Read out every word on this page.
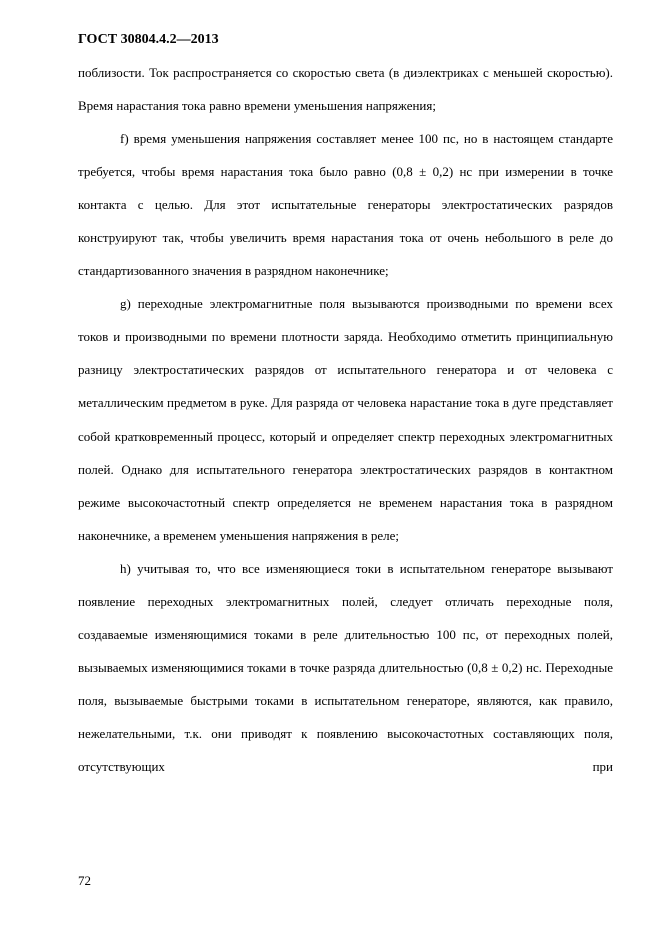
ГОСТ 30804.4.2—2013

поблизости. Ток распространяется со скоростью света (в диэлектриках с меньшей скоростью). Время нарастания тока равно времени уменьшения напряжения;

f) время уменьшения напряжения составляет менее 100 пс, но в настоящем стандарте требуется, чтобы время нарастания тока было равно (0,8 ± 0,2) нс при измерении в точке контакта с целью. Для этот испытательные генераторы электростатических разрядов конструируют так, чтобы увеличить время нарастания тока от очень небольшого в реле до стандартизованного значения в разрядном наконечнике;

g) переходные электромагнитные поля вызываются производными по времени всех токов и производными по времени плотности заряда. Необходимо отметить принципиальную разницу электростатических разрядов от испытательного генератора и от человека с металлическим предметом в руке. Для разряда от человека нарастание тока в дуге представляет собой кратковременный процесс, который и определяет спектр переходных электромагнитных полей. Однако для испытательного генератора электростатических разрядов в контактном режиме высокочастотный спектр определяется не временем нарастания тока в разрядном наконечнике, а временем уменьшения напряжения в реле;

h) учитывая то, что все изменяющиеся токи в испытательном генераторе вызывают появление переходных электромагнитных полей, следует отличать переходные поля, создаваемые изменяющимися токами в реле длительностью 100 пс, от переходных полей, вызываемых изменяющимися токами в точке разряда длительностью (0,8 ± 0,2) нс. Переходные поля, вызываемые быстрыми токами в испытательном генераторе, являются, как правило, нежелательными, т.к. они приводят к появлению высокочастотных составляющих поля, отсутствующих при

72
